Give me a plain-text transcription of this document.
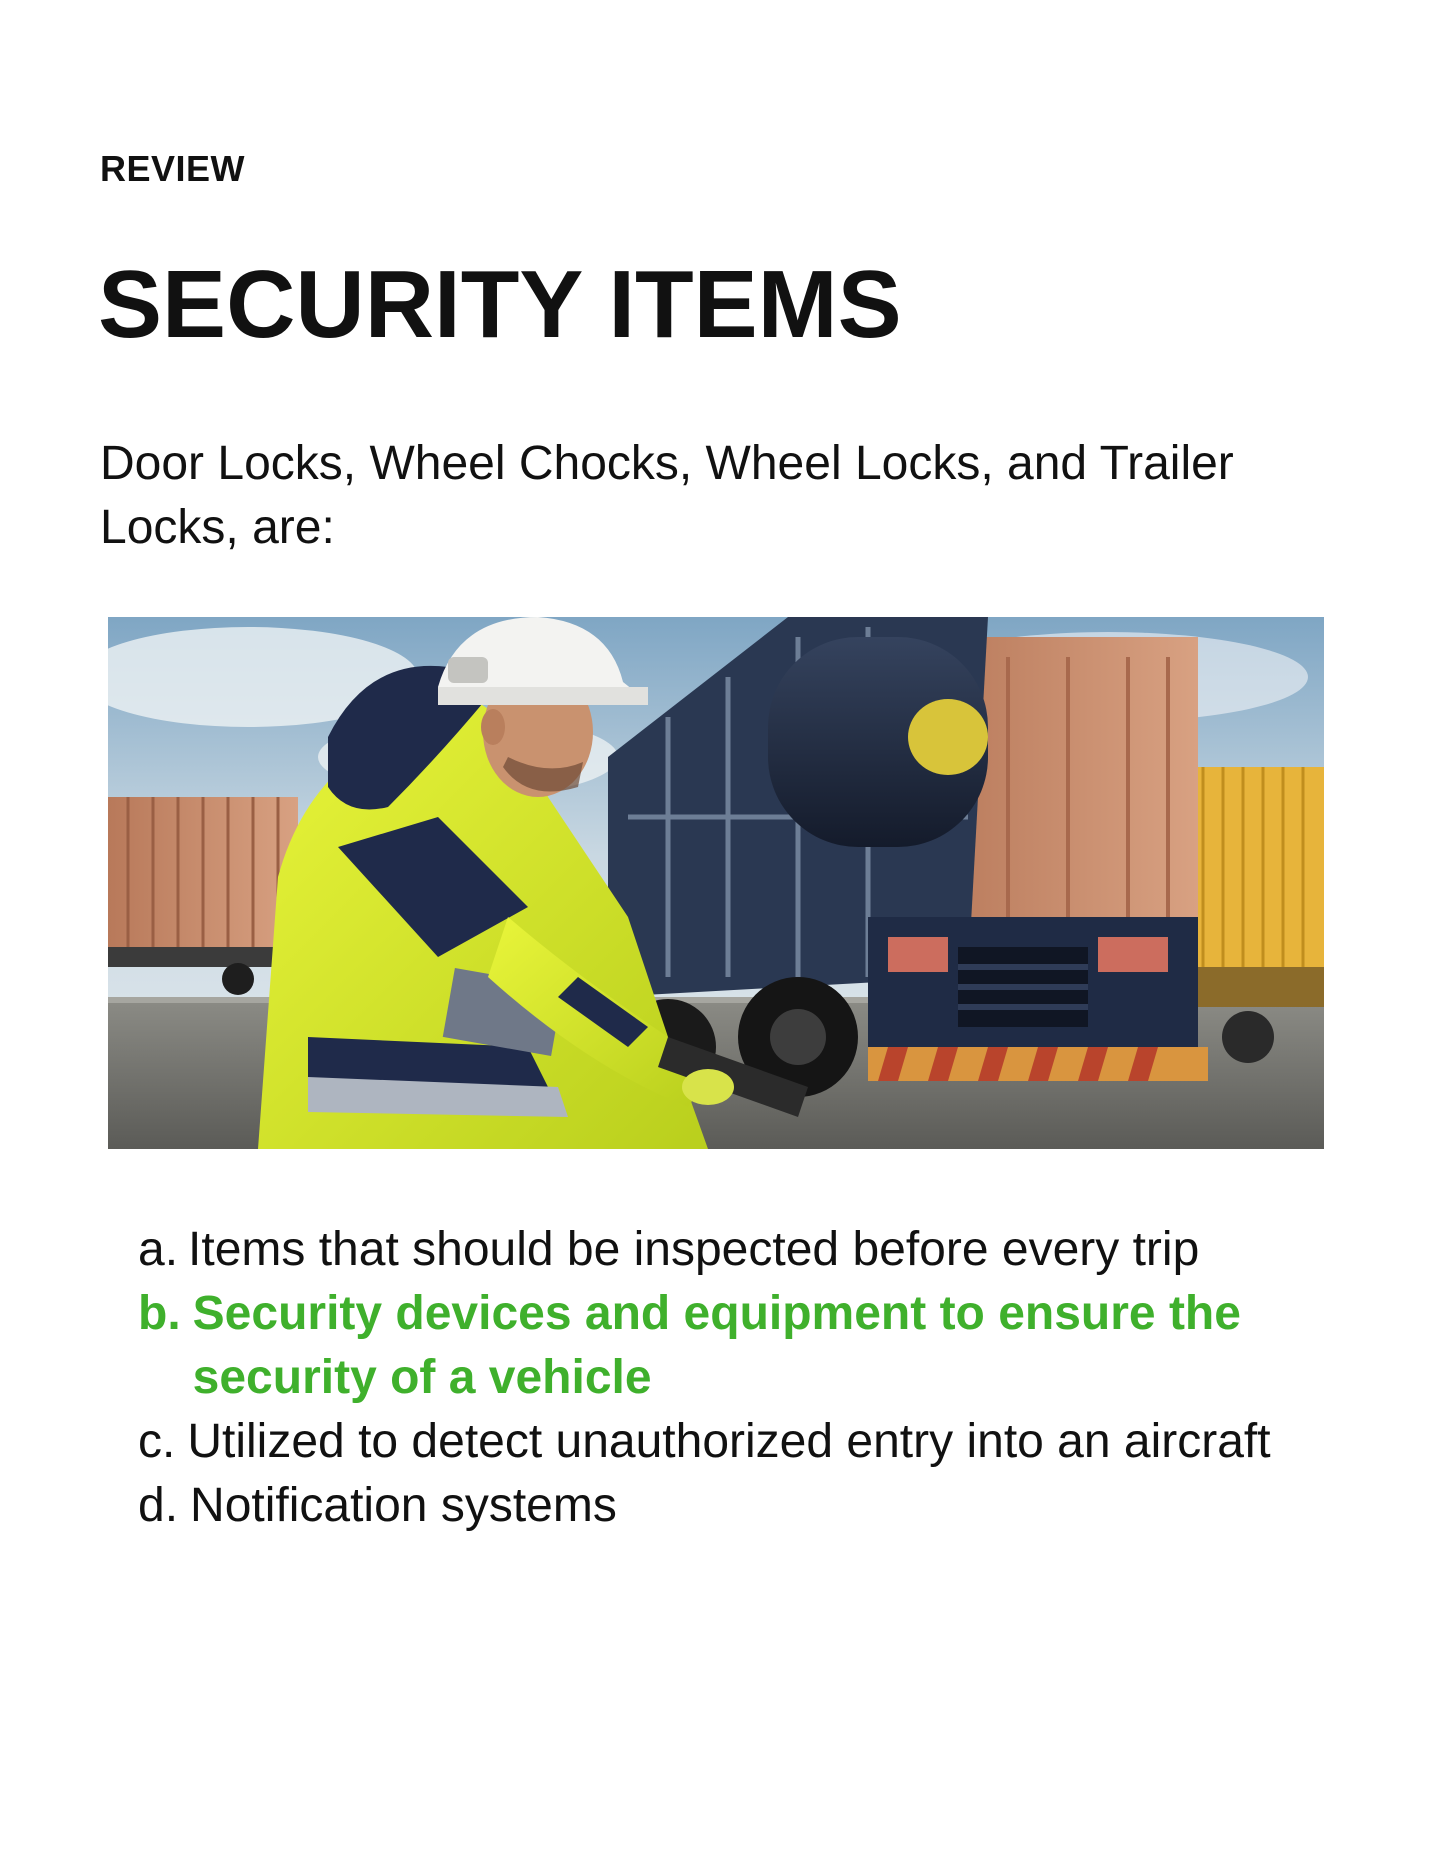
REVIEW
SECURITY ITEMS

Door Locks, Wheel Chocks, Wheel Locks, and Trailer Locks, are:

a. Items that should be inspected before every trip
b. Security devices and equipment to ensure the security of a vehicle
c. Utilized to detect unauthorized entry into an aircraft
d. Notification systems
